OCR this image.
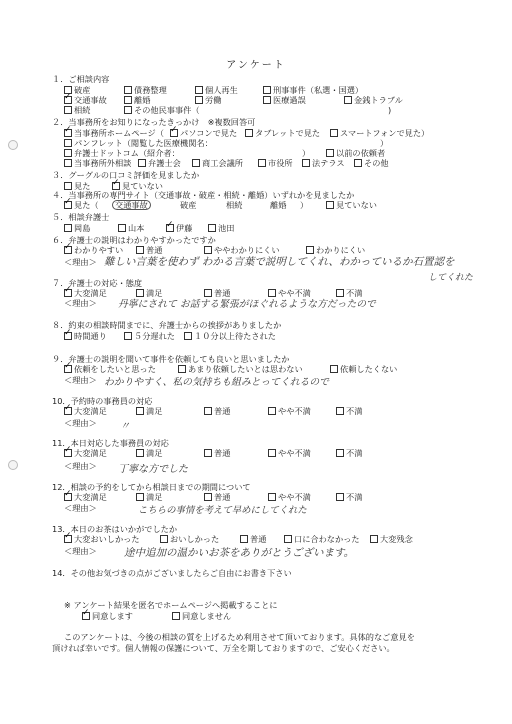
アンケート
１．ご相談内容
破産	債務整理	個人再生	刑事事件（私選・国選）
✓交通事故	離婚	労働	医療過誤	金銭トラブル
相続	その他民事事件（	)
２．当事務所をお知りになったきっかけ　※複数回答可
✓当事務所ホームページ（ ✓	パソコンで見た	タブレットで見た	スマートフォンで見た）
パンフレット（閲覧した医療機関名：	）
弁護士ドットコム（紹介者：	）	以前の依頼者
当事務所外相談	弁護士会	商工会議所	市役所	法テラス	その他
３．グーグルの口コミ評価を見ましたか
見た ✓	見ていない
４．当事務所の専門サイト（交通事故・破産・相続・離婚）いずれかを見ましたか
✓見た（	交通事故	破産	相続	離婚 ）	見ていない
５．相談弁護士
岡島	山本 ✓	伊藤	池田
６．弁護士の説明はわかりやすかったですか
✓わかりやすい	普通	ややわかりにくい	わかりにくい
＜理由＞ 難しい言葉を使わず わかる言葉で説明してくれ、わかっているか石置認を
してくれた
７．弁護士の対応・態度
✓大変満足	満足	普通	やや不満	不満
＜理由＞ 丹寧にされて お話する緊張がほぐれるような方だったので
８．約束の相談時間までに、弁護士からの挨拶がありましたか
✓時間通り	５分遅れた	１０分以上待たされた
９．弁護士の説明を聞いて事件を依頼しても良いと思いましたか
✓依頼をしたいと思った	あまり依頼したいとは思わない	依頼したくない
＜理由＞ わかりやすく、私の気持ちも組みとってくれるので
10．予約時の事務員の対応
✓大変満足	満足	普通	やや不満	不満
＜理由＞ 〃
11．本日対応した事務員の対応
✓大変満足	満足	普通	やや不満	不満
＜理由＞ 丁寧な方でした
12．相談の予約をしてから相談日までの期間について
✓大変満足	満足	普通	やや不満	不満
＜理由＞	こちらの事情を考えて早めにしてくれた
13．本日のお茶はいかがでしたか
✓大変おいしかった	おいしかった	普通	口に合わなかった	大変残念
＜理由＞	途中追加の温かいお茶をありがとうございます。
14．その他お気づきの点がございましたらご自由にお書き下さい
※ アンケート結果を匿名でホームページへ掲載することに
✓同意します	同意しません
このアンケートは、今後の相談の質を上げるため利用させて頂いております。具体的なご意見を
頂ければ幸いです。個人情報の保護について、万全を期しておりますので、ご安心ください。
